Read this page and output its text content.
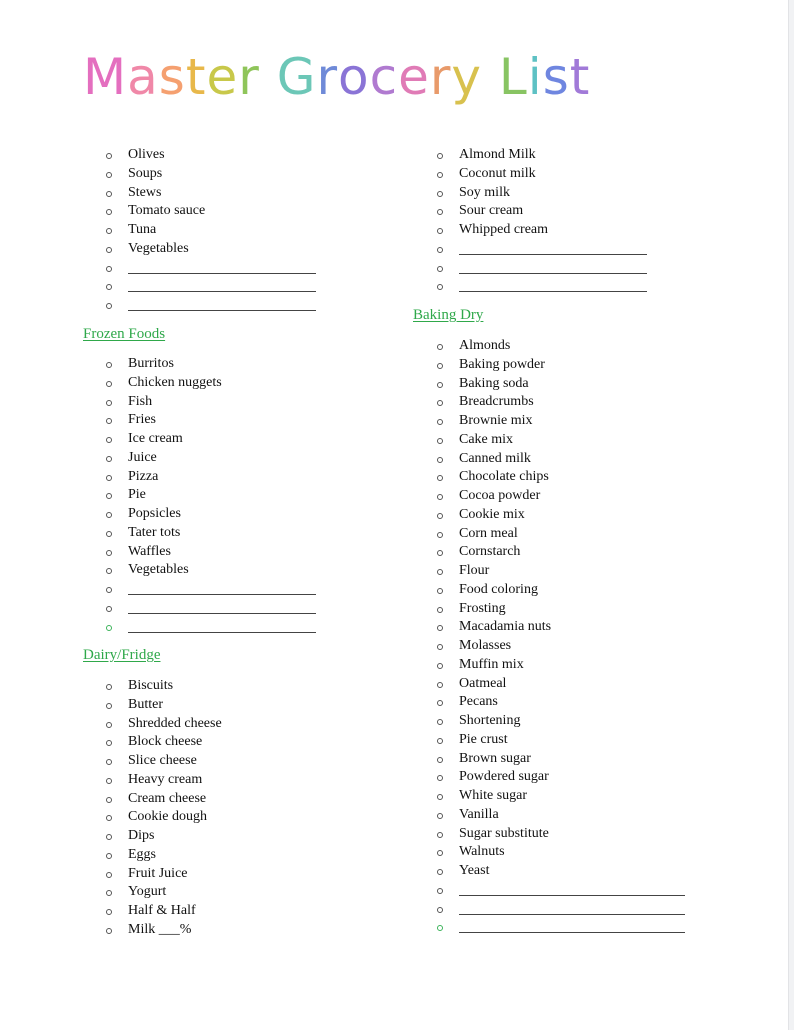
Master Grocery List
Olives
Soups
Stews
Tomato sauce
Tuna
Vegetables
Frozen Foods
Burritos
Chicken nuggets
Fish
Fries
Ice cream
Juice
Pizza
Pie
Popsicles
Tater tots
Waffles
Vegetables
Dairy/Fridge
Biscuits
Butter
Shredded cheese
Block cheese
Slice cheese
Heavy cream
Cream cheese
Cookie dough
Dips
Eggs
Fruit Juice
Yogurt
Half & Half
Milk ___%
Almond Milk
Coconut milk
Soy milk
Sour cream
Whipped cream
Baking Dry
Almonds
Baking powder
Baking soda
Breadcrumbs
Brownie mix
Cake mix
Canned milk
Chocolate chips
Cocoa powder
Cookie mix
Corn meal
Cornstarch
Flour
Food coloring
Frosting
Macadamia nuts
Molasses
Muffin mix
Oatmeal
Pecans
Shortening
Pie crust
Brown sugar
Powdered sugar
White sugar
Vanilla
Sugar substitute
Walnuts
Yeast
